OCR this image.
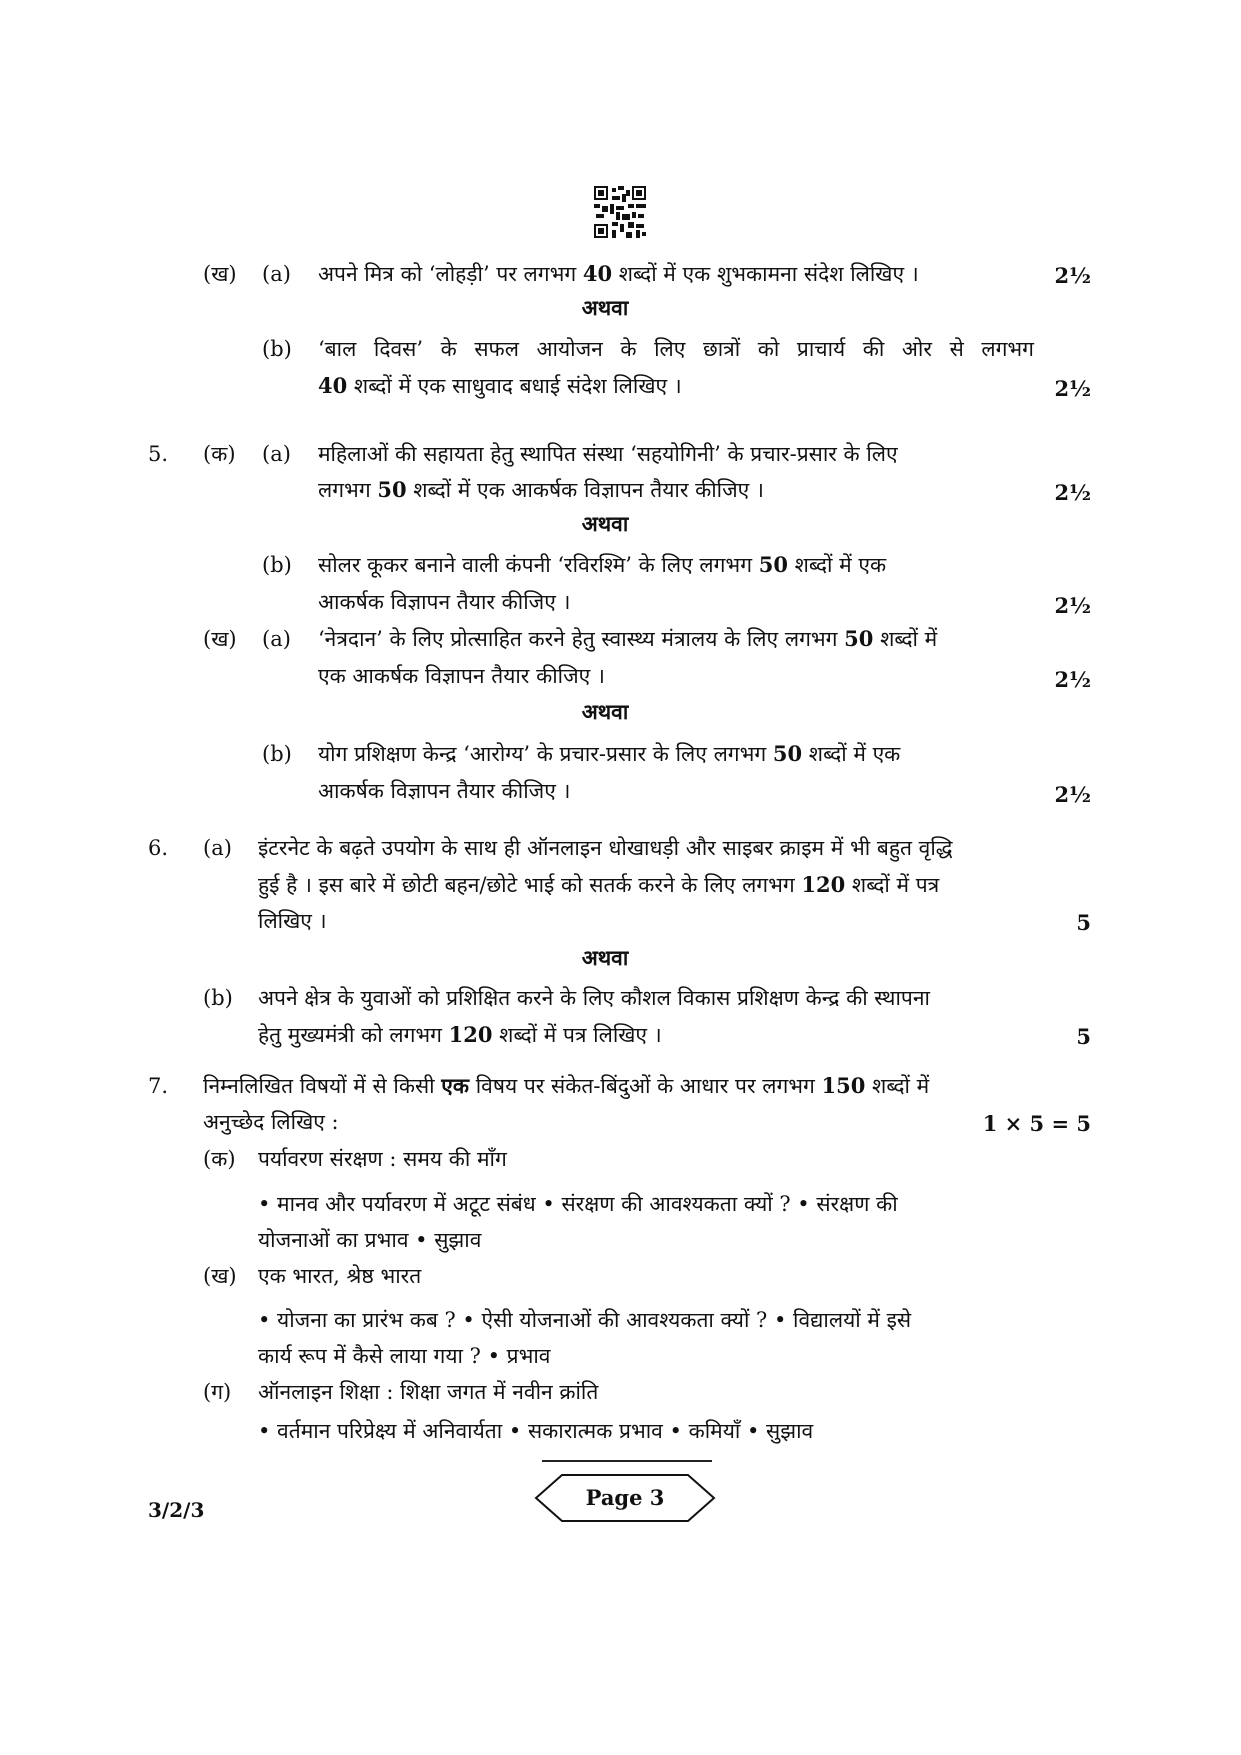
(ख) (a) अपने मित्र को ‘लोहड़ी’ पर लगभग 40 शब्दों में एक शुभकामना संदेश लिखिए ।	2½
अथवा
(b) ‘बाल दिवस’ के सफल आयोजन के लिए छात्रों को प्राचार्य की ओर से लगभग
40 शब्दों में एक साधुवाद बधाई संदेश लिखिए ।	2½
5. (क) (a) महिलाओं की सहायता हेतु स्थापित संस्था ‘सहयोगिनी’ के प्रचार-प्रसार के लिए
लगभग 50 शब्दों में एक आकर्षक विज्ञापन तैयार कीजिए ।	2½
अथवा
(b) सोलर कूकर बनाने वाली कंपनी ‘रविरश्मि’ के लिए लगभग 50 शब्दों में एक
आकर्षक विज्ञापन तैयार कीजिए ।	2½
(ख) (a) ‘नेत्रदान’ के लिए प्रोत्साहित करने हेतु स्वास्थ्य मंत्रालय के लिए लगभग 50 शब्दों में
एक आकर्षक विज्ञापन तैयार कीजिए ।	2½
अथवा
(b) योग प्रशिक्षण केन्द्र ‘आरोग्य’ के प्रचार-प्रसार के लिए लगभग 50 शब्दों में एक
आकर्षक विज्ञापन तैयार कीजिए ।	2½
6. (a) इंटरनेट के बढ़ते उपयोग के साथ ही ऑनलाइन धोखाधड़ी और साइबर क्राइम में भी बहुत वृद्धि
हुई है । इस बारे में छोटी बहन/छोटे भाई को सतर्क करने के लिए लगभग 120 शब्दों में पत्र
लिखिए ।	5
अथवा
(b) अपने क्षेत्र के युवाओं को प्रशिक्षित करने के लिए कौशल विकास प्रशिक्षण केन्द्र की स्थापना
हेतु मुख्यमंत्री को लगभग 120 शब्दों में पत्र लिखिए ।	5
7. निम्नलिखित विषयों में से किसी एक विषय पर संकेत-बिंदुओं के आधार पर लगभग 150 शब्दों में
अनुच्छेद लिखिए :	1 × 5 = 5
(क) पर्यावरण संरक्षण : समय की माँग
• मानव और पर्यावरण में अटूट संबंध • संरक्षण की आवश्यकता क्यों ? • संरक्षण की
योजनाओं का प्रभाव • सुझाव
(ख) एक भारत, श्रेष्ठ भारत
• योजना का प्रारंभ कब ? • ऐसी योजनाओं की आवश्यकता क्यों ? • विद्यालयों में इसे
कार्य रूप में कैसे लाया गया ? • प्रभाव
(ग) ऑनलाइन शिक्षा : शिक्षा जगत में नवीन क्रांति
• वर्तमान परिप्रेक्ष्य में अनिवार्यता • सकारात्मक प्रभाव • कमियाँ • सुझाव
3/2/3	Page 3
